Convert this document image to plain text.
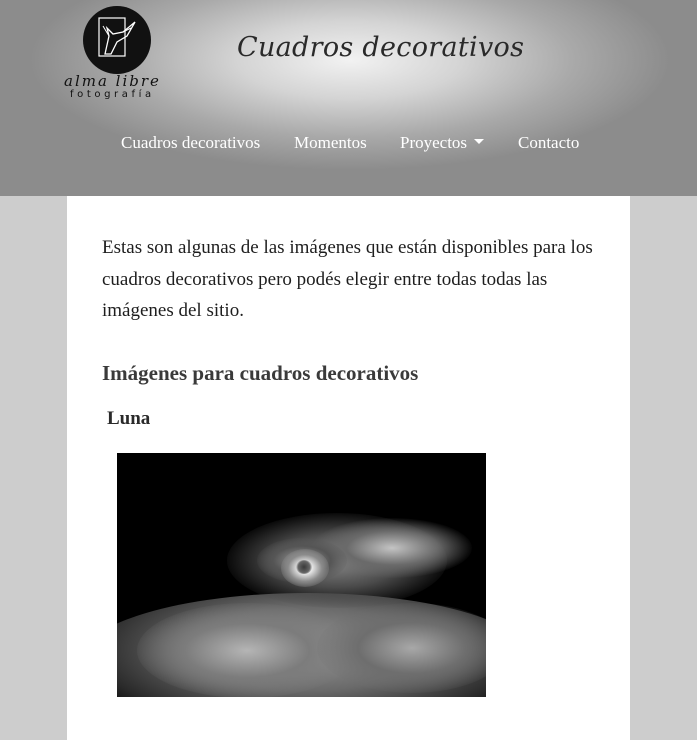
alma libre
fotografía
Cuadros decorativos
Cuadros decorativos Momentos Proyectos	Contacto

Estas son algunas de las imágenes que están disponibles para los cuadros decorativos pero podés elegir entre todas todas las imágenes del sitio.

Imágenes para cuadros decorativos
Luna
